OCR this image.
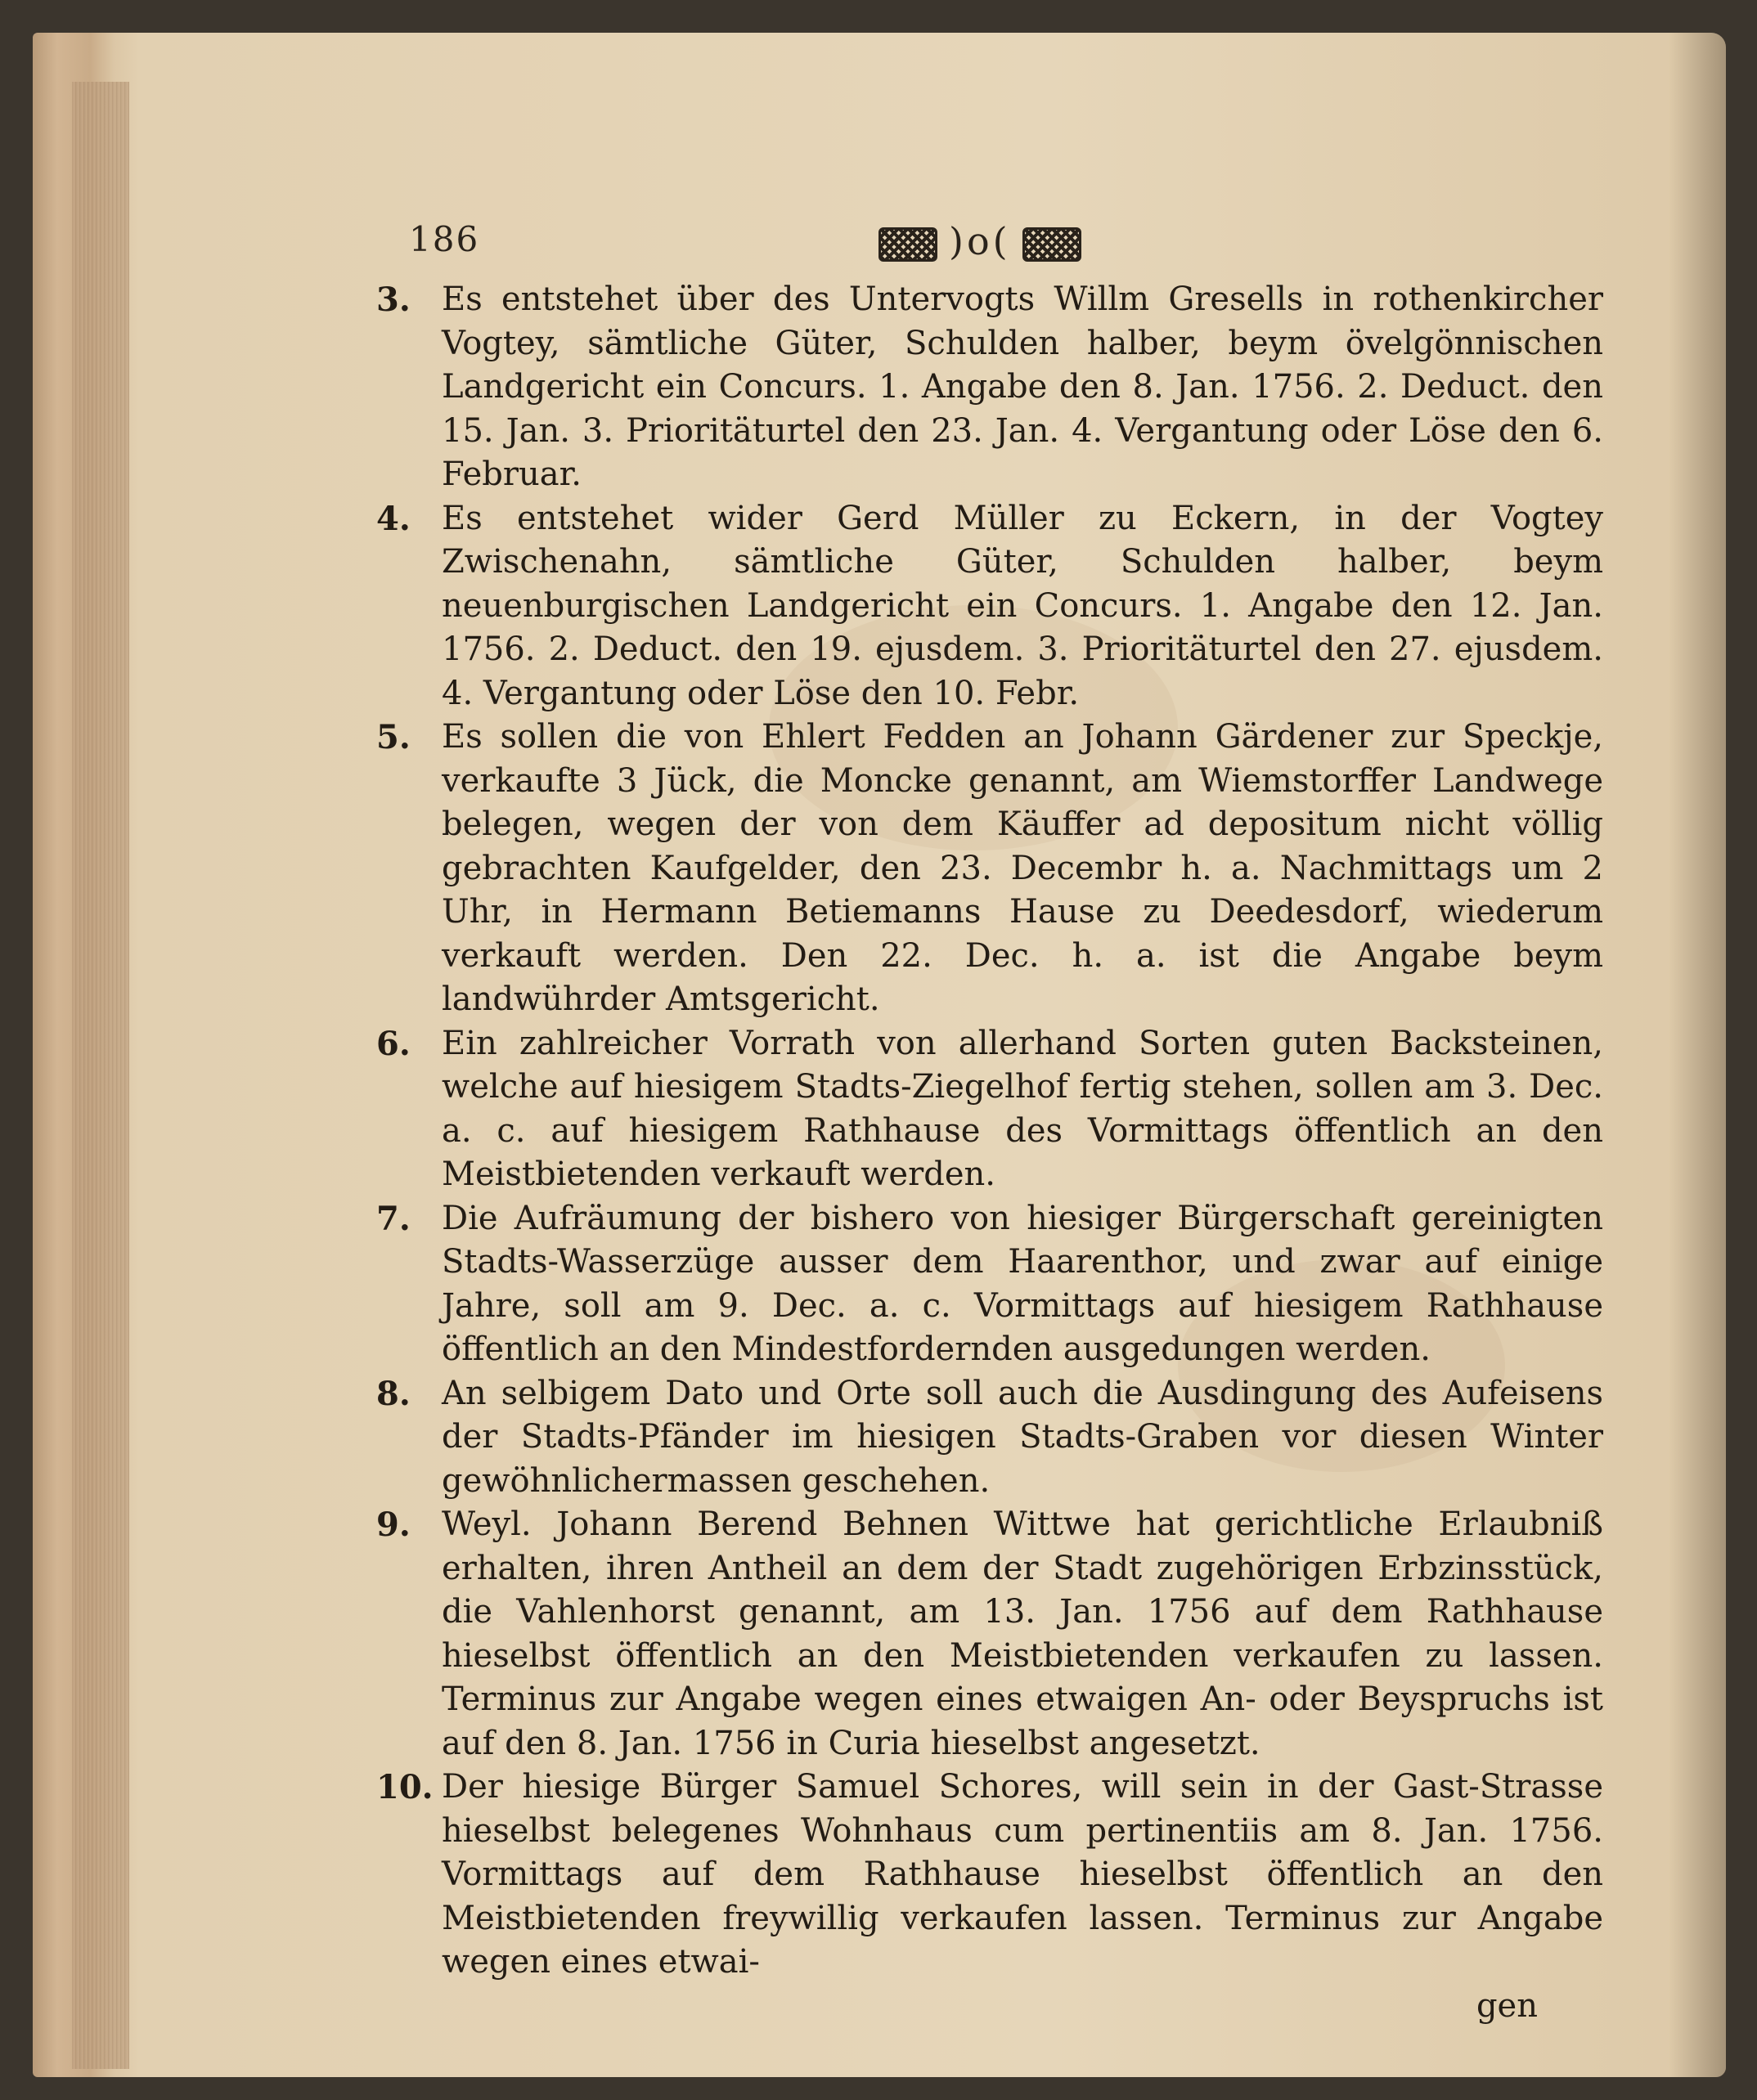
186	)o(
3. Es entstehet über des Untervogts Willm Gresells in rothenkircher Vogtey, sämtliche Güter, Schulden halber, beym övelgönnischen Landgericht ein Concurs. 1. Angabe den 8. Jan. 1756. 2. Deduct. den 15. Jan. 3. Prioritäturtel den 23. Jan. 4. Vergantung oder Löse den 6. Februar.
4. Es entstehet wider Gerd Müller zu Eckern, in der Vogtey Zwischenahn, sämtliche Güter, Schulden halber, beym neuenburgischen Landgericht ein Concurs. 1. Angabe den 12. Jan. 1756. 2. Deduct. den 19. ejusdem. 3. Prioritäturtel den 27. ejusdem. 4. Vergantung oder Löse den 10. Febr.
5. Es sollen die von Ehlert Fedden an Johann Gärdener zur Speckje, verkaufte 3 Jück, die Moncke genannt, am Wiemstorffer Landwege belegen, wegen der von dem Käuffer ad depositum nicht völlig gebrachten Kaufgelder, den 23. Decembr h. a. Nachmittags um 2 Uhr, in Hermann Betiemanns Hause zu Deedesdorf, wiederum verkauft werden. Den 22. Dec. h. a. ist die Angabe beym landwührder Amtsgericht.
6. Ein zahlreicher Vorrath von allerhand Sorten guten Backsteinen, welche auf hiesigem Stadts-Ziegelhof fertig stehen, sollen am 3. Dec. a. c. auf hiesigem Rathhause des Vormittags öffentlich an den Meistbietenden verkauft werden.
7. Die Aufräumung der bishero von hiesiger Bürgerschaft gereinigten Stadts-Wasserzüge ausser dem Haarenthor, und zwar auf einige Jahre, soll am 9. Dec. a. c. Vormittags auf hiesigem Rathhause öffentlich an den Mindestfordernden ausgedungen werden.
8. An selbigem Dato und Orte soll auch die Ausdingung des Aufeisens der Stadts-Pfänder im hiesigen Stadts-Graben vor diesen Winter gewöhnlichermassen geschehen.
9. Weyl. Johann Berend Behnen Wittwe hat gerichtliche Erlaubniß erhalten, ihren Antheil an dem der Stadt zugehörigen Erbzinsstück, die Vahlenhorst genannt, am 13. Jan. 1756 auf dem Rathhause hieselbst öffentlich an den Meistbietenden verkaufen zu lassen. Terminus zur Angabe wegen eines etwaigen An- oder Beyspruchs ist auf den 8. Jan. 1756 in Curia hieselbst angesetzt.
10. Der hiesige Bürger Samuel Schores, will sein in der Gast-Strasse hieselbst belegenes Wohnhaus cum pertinentiis am 8. Jan. 1756. Vormittags auf dem Rathhause hieselbst öffentlich an den Meistbietenden freywillig verkaufen lassen. Terminus zur Angabe wegen eines etwai-
gen
